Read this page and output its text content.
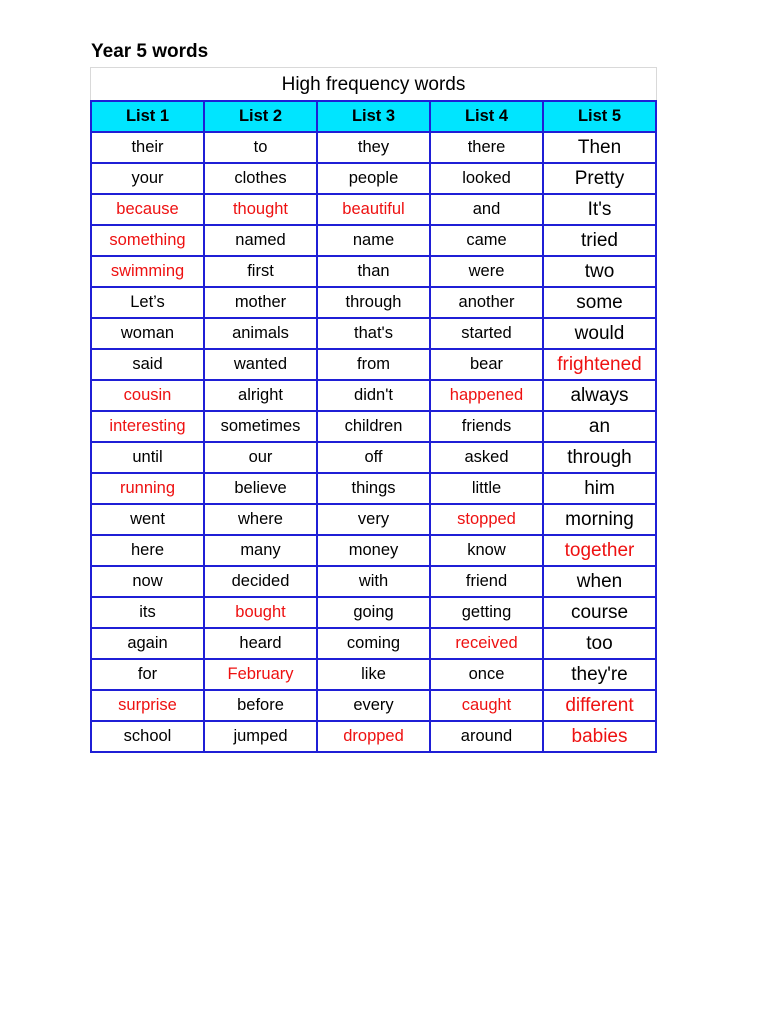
Year 5 words
High frequency words
List 1	List 2	List 3	List 4	List 5
their	to	they	there	Then
your	clothes	people	looked	Pretty
because	thought	beautiful	and	It's
something	named	name	came	tried
swimming	first	than	were	two
Let’s	mother	through	another	some
woman	animals	that's	started	would
said	wanted	from	bear	frightened
cousin	alright	didn't	happened	always
interesting	sometimes	children	friends	an
until	our	off	asked	through
running	believe	things	little	him
went	where	very	stopped	morning
here	many	money	know	together
now	decided	with	friend	when
its	bought	going	getting	course
again	heard	coming	received	too
for	February	like	once	they're
surprise	before	every	caught	different
school	jumped	dropped	around	babies
